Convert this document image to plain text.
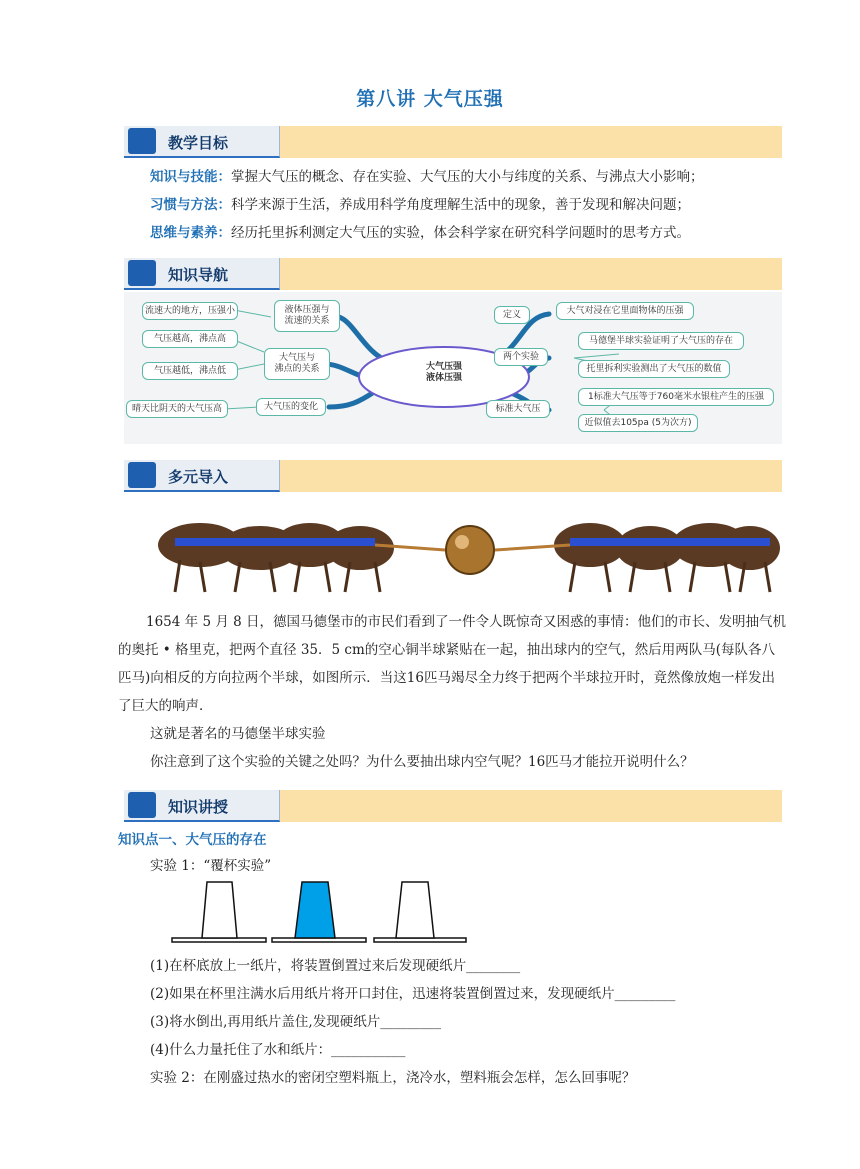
第八讲 大气压强
教学目标
知识与技能：掌握大气压的概念、存在实验、大气压的大小与纬度的关系、与沸点大小影响；
习惯与方法：科学来源于生活，养成用科学角度理解生活中的现象，善于发现和解决问题；
思维与素养：经历托里拆利测定大气压的实验，体会科学家在研究科学问题时的思考方式。
知识导航
大气压强
液体压强
液体压强与
流速的关系
流速大的地方，压强小
大气压与
沸点的关系
气压越高，沸点高
气压越低，沸点低
大气压的变化
晴天比阴天的大气压高
定义	大气对浸在它里面物体的压强
两个实验
马德堡半球实验证明了大气压的存在
托里拆利实验测出了大气压的数值
标准大气压
1标准大气压等于760毫米水银柱产生的压强
近似值去105pa (5为次方)
多元导入
1654 年 5 月 8 日，德国马德堡市的市民们看到了一件令人既惊奇又困惑的事情：他们的市长、发明抽气机的奥托 • 格里克，把两个直径 35．5 cm的空心铜半球紧贴在一起，抽出球内的空气，然后用两队马(每队各八匹马)向相反的方向拉两个半球，如图所示．当这16匹马竭尽全力终于把两个半球拉开时，竟然像放炮一样发出了巨大的响声．
这就是著名的马德堡半球实验
你注意到了这个实验的关键之处吗？为什么要抽出球内空气呢？16匹马才能拉开说明什么？
知识讲授
知识点一、大气压的存在
实验 1：“覆杯实验”
(1)在杯底放上一纸片，将装置倒置过来后发现硬纸片________
(2)如果在杯里注满水后用纸片将开口封住，迅速将装置倒置过来，发现硬纸片_________
(3)将水倒出,再用纸片盖住,发现硬纸片_________
(4)什么力量托住了水和纸片：___________
实验 2：在刚盛过热水的密闭空塑料瓶上，浇冷水，塑料瓶会怎样，怎么回事呢？
